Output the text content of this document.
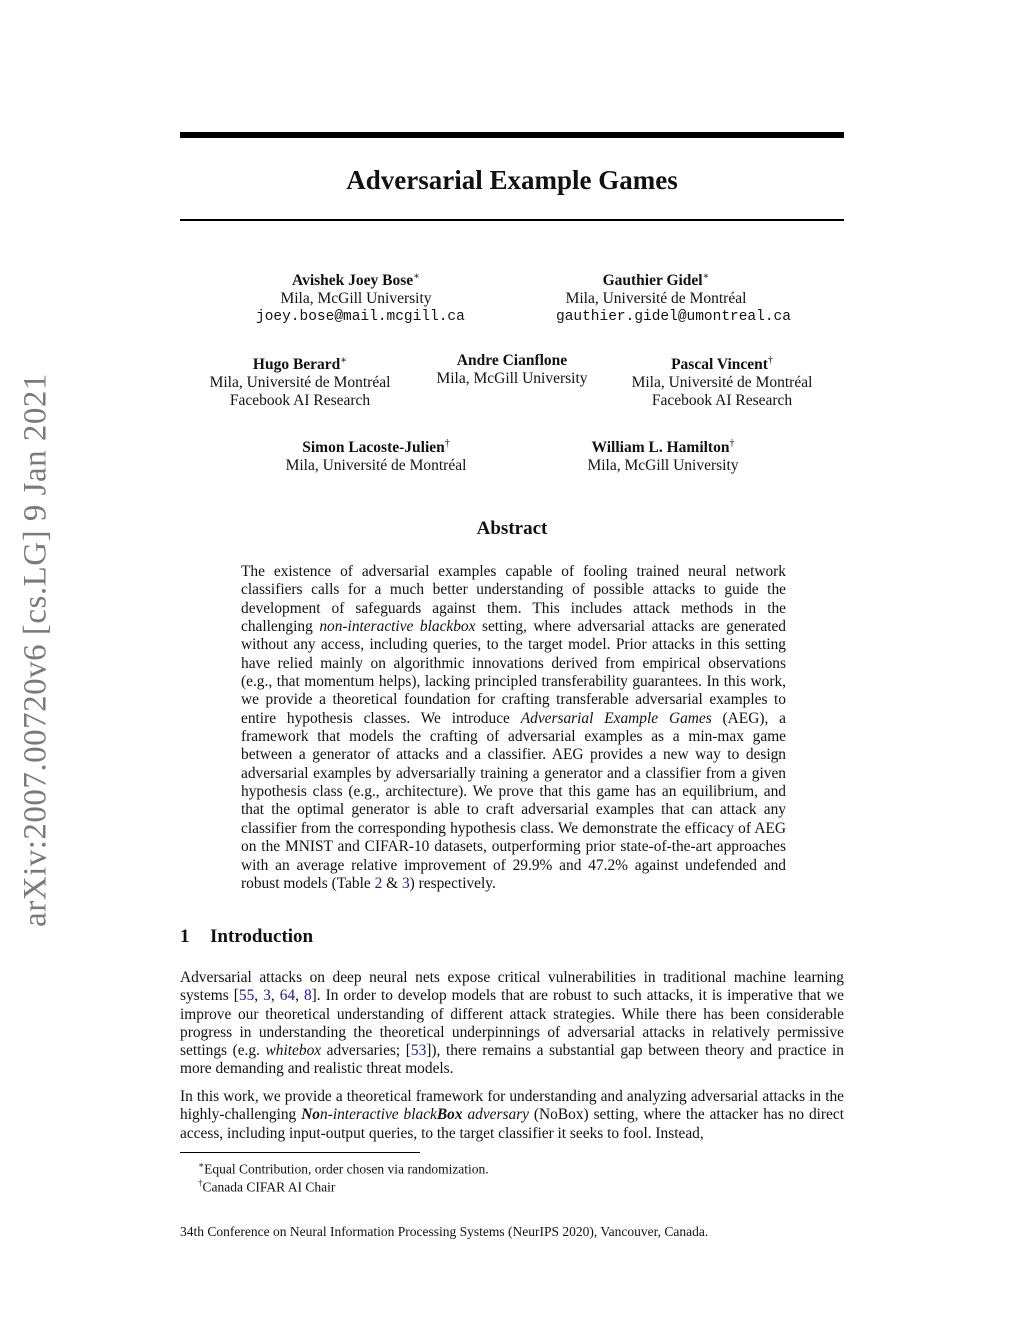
arXiv:2007.00720v6 [cs.LG] 9 Jan 2021
Adversarial Example Games
Avishek Joey Bose∗
Mila, McGill University
joey.bose@mail.mcgill.ca
Gauthier Gidel∗
Mila, Université de Montréal
gauthier.gidel@umontreal.ca
Hugo Berard∗
Mila, Université de Montréal
Facebook AI Research
Andre Cianflone
Mila, McGill University
Pascal Vincent†
Mila, Université de Montréal
Facebook AI Research
Simon Lacoste-Julien†
Mila, Université de Montréal
William L. Hamilton†
Mila, McGill University
Abstract
The existence of adversarial examples capable of fooling trained neural network classifiers calls for a much better understanding of possible attacks to guide the development of safeguards against them. This includes attack methods in the challenging non-interactive blackbox setting, where adversarial attacks are generated without any access, including queries, to the target model. Prior attacks in this setting have relied mainly on algorithmic innovations derived from empirical observations (e.g., that momentum helps), lacking principled transferability guarantees. In this work, we provide a theoretical foundation for crafting transferable adversarial examples to entire hypothesis classes. We introduce Adversarial Example Games (AEG), a framework that models the crafting of adversarial examples as a min-max game between a generator of attacks and a classifier. AEG provides a new way to design adversarial examples by adversarially training a generator and a classifier from a given hypothesis class (e.g., architecture). We prove that this game has an equilibrium, and that the optimal generator is able to craft adversarial examples that can attack any classifier from the corresponding hypothesis class. We demonstrate the efficacy of AEG on the MNIST and CIFAR-10 datasets, outperforming prior state-of-the-art approaches with an average relative improvement of 29.9% and 47.2% against undefended and robust models (Table 2 & 3) respectively.
1 Introduction
Adversarial attacks on deep neural nets expose critical vulnerabilities in traditional machine learning systems [55, 3, 64, 8]. In order to develop models that are robust to such attacks, it is imperative that we improve our theoretical understanding of different attack strategies. While there has been considerable progress in understanding the theoretical underpinnings of adversarial attacks in relatively permissive settings (e.g. whitebox adversaries; [53]), there remains a substantial gap between theory and practice in more demanding and realistic threat models.
In this work, we provide a theoretical framework for understanding and analyzing adversarial attacks in the highly-challenging Non-interactive blackBox adversary (NoBox) setting, where the attacker has no direct access, including input-output queries, to the target classifier it seeks to fool. Instead,
∗Equal Contribution, order chosen via randomization.
†Canada CIFAR AI Chair
34th Conference on Neural Information Processing Systems (NeurIPS 2020), Vancouver, Canada.
